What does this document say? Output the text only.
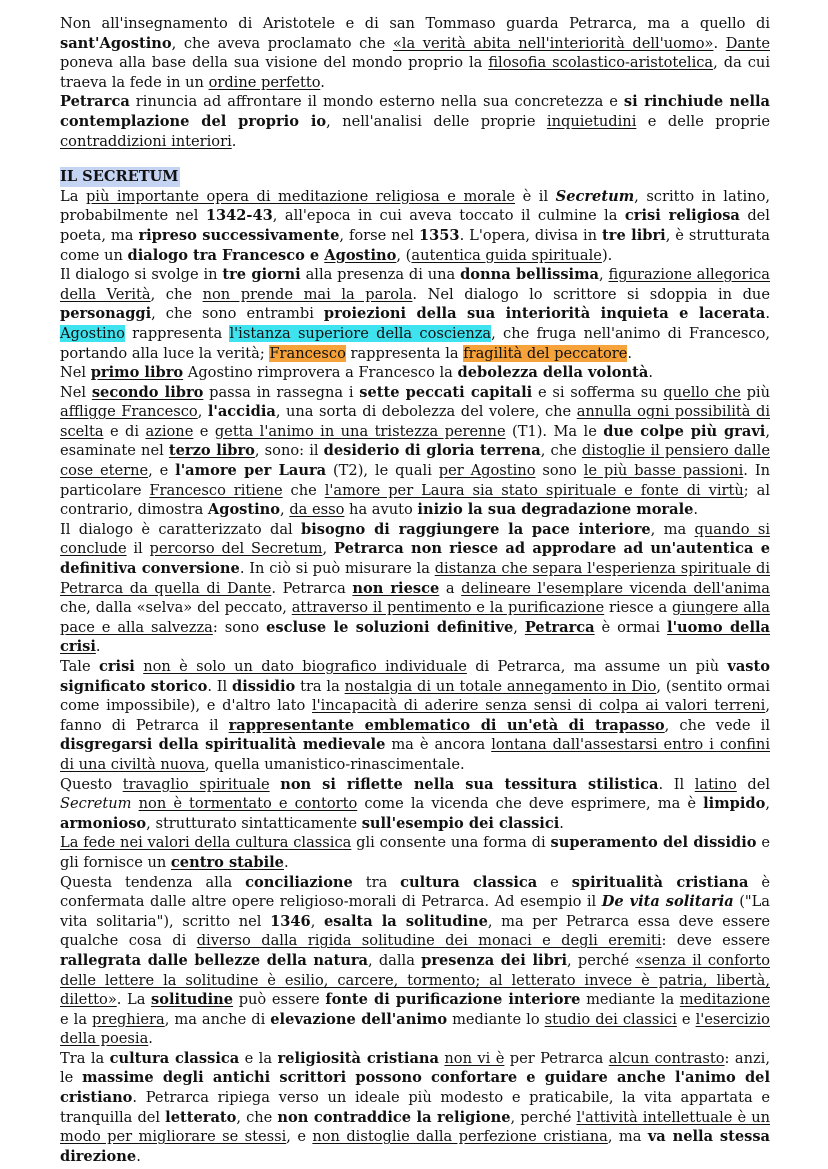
Non all'insegnamento di Aristotele e di san Tommaso guarda Petrarca, ma a quello di sant'Agostino, che aveva proclamato che «la verità abita nell'interiorità dell'uomo». Dante poneva alla base della sua visione del mondo proprio la filosofia scolastico-aristotelica, da cui traeva la fede in un ordine perfetto.

Petrarca rinuncia ad affrontare il mondo esterno nella sua concretezza e si rinchiude nella contemplazione del proprio io, nell'analisi delle proprie inquietudini e delle proprie contraddizioni interiori.

IL SECRETUM

La più importante opera di meditazione religiosa e morale è il Secretum, scritto in latino, probabilmente nel 1342-43, all'epoca in cui aveva toccato il culmine la crisi religiosa del poeta, ma ripreso successivamente, forse nel 1353. L'opera, divisa in tre libri, è strutturata come un dialogo tra Francesco e Agostino, (autentica guida spirituale).

Il dialogo si svolge in tre giorni alla presenza di una donna bellissima, figurazione allegorica della Verità, che non prende mai la parola. Nel dialogo lo scrittore si sdoppia in due personaggi, che sono entrambi proiezioni della sua interiorità inquieta e lacerata. Agostino rappresenta l'istanza superiore della coscienza, che fruga nell'animo di Francesco, portando alla luce la verità; Francesco rappresenta la fragilità del peccatore.

Nel primo libro Agostino rimprovera a Francesco la debolezza della volontà.

Nel secondo libro passa in rassegna i sette peccati capitali e si sofferma su quello che più affligge Francesco, l'accidia, una sorta di debolezza del volere, che annulla ogni possibilità di scelta e di azione e getta l'animo in una tristezza perenne (T1). Ma le due colpe più gravi, esaminate nel terzo libro, sono: il desiderio di gloria terrena, che distoglie il pensiero dalle cose eterne, e l'amore per Laura (T2), le quali per Agostino sono le più basse passioni. In particolare Francesco ritiene che l'amore per Laura sia stato spirituale e fonte di virtù; al contrario, dimostra Agostino, da esso ha avuto inizio la sua degradazione morale.

Il dialogo è caratterizzato dal bisogno di raggiungere la pace interiore, ma quando si conclude il percorso del Secretum, Petrarca non riesce ad approdare ad un'autentica e definitiva conversione. In ciò si può misurare la distanza che separa l'esperienza spirituale di Petrarca da quella di Dante. Petrarca non riesce a delineare l'esemplare vicenda dell'anima che, dalla «selva» del peccato, attraverso il pentimento e la purificazione riesce a giungere alla pace e alla salvezza: sono escluse le soluzioni definitive, Petrarca è ormai l'uomo della crisi.

Tale crisi non è solo un dato biografico individuale di Petrarca, ma assume un più vasto significato storico. Il dissidio tra la nostalgia di un totale annegamento in Dio, (sentito ormai come impossibile), e d'altro lato l'incapacità di aderire senza sensi di colpa ai valori terreni, fanno di Petrarca il rappresentante emblematico di un'età di trapasso, che vede il disgregarsi della spiritualità medievale ma è ancora lontana dall'assestarsi entro i confini di una civiltà nuova, quella umanistico-rinascimentale.

Questo travaglio spirituale non si riflette nella sua tessitura stilistica. Il latino del Secretum non è tormentato e contorto come la vicenda che deve esprimere, ma è limpido, armonioso, strutturato sintatticamente sull'esempio dei classici.

La fede nei valori della cultura classica gli consente una forma di superamento del dissidio e gli fornisce un centro stabile.

Questa tendenza alla conciliazione tra cultura classica e spiritualità cristiana è confermata dalle altre opere religioso-morali di Petrarca. Ad esempio il De vita solitaria ("La vita solitaria"), scritto nel 1346, esalta la solitudine, ma per Petrarca essa deve essere qualche cosa di diverso dalla rigida solitudine dei monaci e degli eremiti: deve essere rallegrata dalle bellezze della natura, dalla presenza dei libri, perché «senza il conforto delle lettere la solitudine è esilio, carcere, tormento; al letterato invece è patria, libertà, diletto». La solitudine può essere fonte di purificazione interiore mediante la meditazione e la preghiera, ma anche di elevazione dell'animo mediante lo studio dei classici e l'esercizio della poesia.

Tra la cultura classica e la religiosità cristiana non vi è per Petrarca alcun contrasto: anzi, le massime degli antichi scrittori possono confortare e guidare anche l'animo del cristiano. Petrarca ripiega verso un ideale più modesto e praticabile, la vita appartata e tranquilla del letterato, che non contraddice la religione, perché l'attività intellettuale è un modo per migliorare se stessi, e non distoglie dalla perfezione cristiana, ma va nella stessa direzione.
